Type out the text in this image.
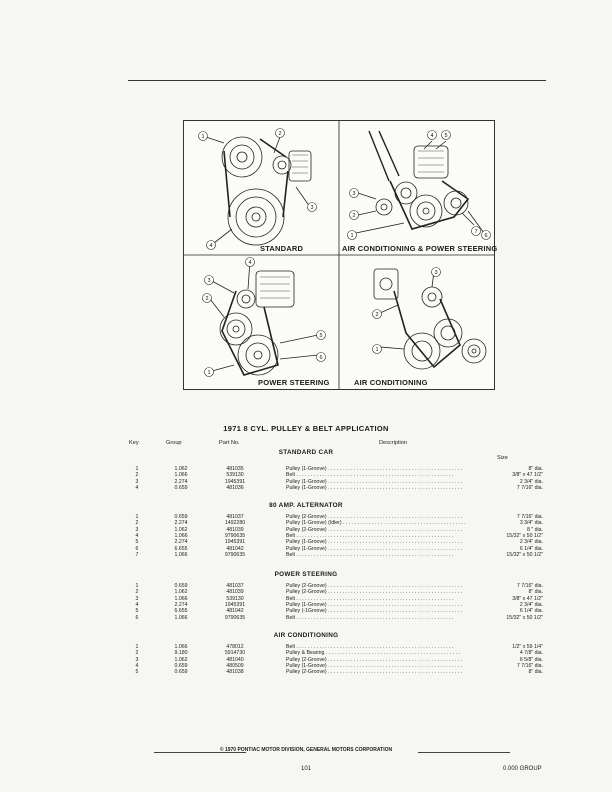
1	2
3
4
4 5
3
2
1
7
6
4
3
2
5
6
1
3
2
1
STANDARD	AIR CONDITIONING & POWER STEERING
POWER STEERING	AIR CONDITIONING
1971 8 CYL. PULLEY & BELT APPLICATION
Key	Group	Part No.	Description
Size
STANDARD CAR
1	1.062	481035	Pulley (1-Groove) . . . . . . . . . . . . . . . . . . . . . . . . . . . . . . . . . . . . . . . . . . . . . . .	8" dia.
2	1.066	539130	Belt . . . . . . . . . . . . . . . . . . . . . . . . . . . . . . . . . . . . . . . . . . . . . . . . . . . . . . .	3/8" x 47 1/2"
3	2.274	1945391	Pulley (1-Groove) . . . . . . . . . . . . . . . . . . . . . . . . . . . . . . . . . . . . . . . . . . . . . . .	2 3/4" dia.
4	0.659	481036	Pulley (1-Groove) . . . . . . . . . . . . . . . . . . . . . . . . . . . . . . . . . . . . . . . . . . . . . . .	7 7/16" dia.
80 AMP. ALTERNATOR
1	0.659	481037	Pulley (2-Groove) . . . . . . . . . . . . . . . . . . . . . . . . . . . . . . . . . . . . . . . . . . . . . . .	7 7/16" dia.
2	2.274	1492280	Pulley (1-Groove) (Idler) . . . . . . . . . . . . . . . . . . . . . . . . . . . . . . . . . . . . . . . . . . .	3 3/4" dia.
3	1.062	481039	Pulley (2-Groove) . . . . . . . . . . . . . . . . . . . . . . . . . . . . . . . . . . . . . . . . . . . . . . .	8 " dia.
4	1.066	9790635	Belt . . . . . . . . . . . . . . . . . . . . . . . . . . . . . . . . . . . . . . . . . . . . . . . . . . . . . . .	15/32" x 50 1/2"
5	2.274	1945391	Pulley (1-Groove) . . . . . . . . . . . . . . . . . . . . . . . . . . . . . . . . . . . . . . . . . . . . . . .	2 3/4" dia.
6	6.655	481042	Pulley (1-Groove) . . . . . . . . . . . . . . . . . . . . . . . . . . . . . . . . . . . . . . . . . . . . . . .	6 1/4" dia.
7	1.066	9790635	Belt . . . . . . . . . . . . . . . . . . . . . . . . . . . . . . . . . . . . . . . . . . . . . . . . . . . . . . .	15/32" x 50 1/2"
POWER STEERING
1	0.659	481037	Pulley (2-Groove) . . . . . . . . . . . . . . . . . . . . . . . . . . . . . . . . . . . . . . . . . . . . . . .	7 7/16" dia.
2	1.062	481039	Pulley (2-Groove) . . . . . . . . . . . . . . . . . . . . . . . . . . . . . . . . . . . . . . . . . . . . . . .	8" dia.
3	1.066	539130	Belt . . . . . . . . . . . . . . . . . . . . . . . . . . . . . . . . . . . . . . . . . . . . . . . . . . . . . . .	3/8" x 47 1/2"
4	2.274	1945391	Pulley (1-Groove) . . . . . . . . . . . . . . . . . . . . . . . . . . . . . . . . . . . . . . . . . . . . . . .	2 3/4" dia.
5	6.655	481042	Pulley (-1Groove) . . . . . . . . . . . . . . . . . . . . . . . . . . . . . . . . . . . . . . . . . . . . . . .	6 1/4" dia.
6	1.066	9790635	Belt . . . . . . . . . . . . . . . . . . . . . . . . . . . . . . . . . . . . . . . . . . . . . . . . . . . . . . .	15/32" x 50 1/2"
AIR CONDITIONING
1	1.066	478012	Belt . . . . . . . . . . . . . . . . . . . . . . . . . . . . . . . . . . . . . . . . . . . . . . . . . . . . . . .	1/2" x 59 1/4"
2	9.180	5914730	Pulley & Bearing . . . . . . . . . . . . . . . . . . . . . . . . . . . . . . . . . . . . . . . . . . . . . . .	4 7/8" dia.
3	1.062	481040	Pulley (2-Groove) . . . . . . . . . . . . . . . . . . . . . . . . . . . . . . . . . . . . . . . . . . . . . . .	6 5/8" dia.
4	0.659	480509	Pulley (1-Groove) . . . . . . . . . . . . . . . . . . . . . . . . . . . . . . . . . . . . . . . . . . . . . . .	7 7/16" dia.
5	0.659	481038	Pulley (2-Groove) . . . . . . . . . . . . . . . . . . . . . . . . . . . . . . . . . . . . . . . . . . . . . . .	8" dia.
© 1970 PONTIAC MOTOR DIVISION, GENERAL MOTORS CORPORATION
101	0.000 GROUP
